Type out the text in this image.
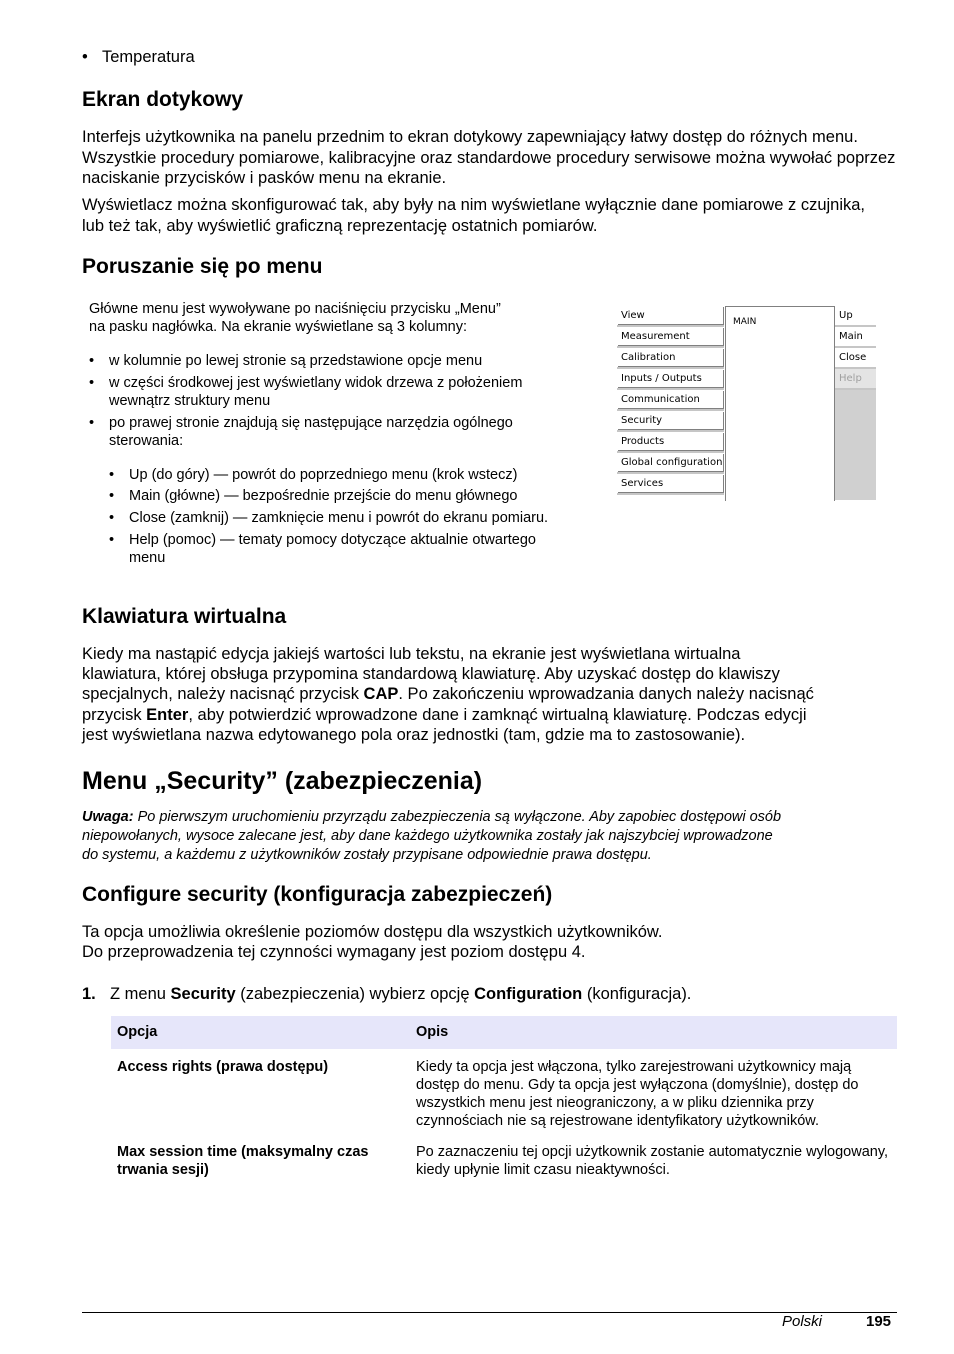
• Temperatura
Ekran dotykowy
Interfejs użytkownika na panelu przednim to ekran dotykowy zapewniający łatwy dostęp do różnych menu. Wszystkie procedury pomiarowe, kalibracyjne oraz standardowe procedury serwisowe można wywołać poprzez naciskanie przycisków i pasków menu na ekranie.
Wyświetlacz można skonfigurować tak, aby były na nim wyświetlane wyłącznie dane pomiarowe z czujnika, lub też tak, aby wyświetlić graficzną reprezentację ostatnich pomiarów.
Poruszanie się po menu
Główne menu jest wywoływane po naciśnięciu przycisku „Menu”
na pasku nagłówka. Na ekranie wyświetlane są 3 kolumny:
• w kolumnie po lewej stronie są przedstawione opcje menu
• w części środkowej jest wyświetlany widok drzewa z położeniem
wewnątrz struktury menu
• po prawej stronie znajdują się następujące narzędzia ogólnego
sterowania:
• Up (do góry) — powrót do poprzedniego menu (krok wstecz)
• Main (główne) — bezpośrednie przejście do menu głównego
• Close (zamknij) — zamknięcie menu i powrót do ekranu pomiaru.
• Help (pomoc) — tematy pomocy dotyczące aktualnie otwartego
menu
View
Measurement
Calibration
Inputs / Outputs
Communication
Security
Products
Global configuration
Services
MAIN
Up
Main
Close
Help
Klawiatura wirtualna
Kiedy ma nastąpić edycja jakiejś wartości lub tekstu, na ekranie jest wyświetlana wirtualna
klawiatura, której obsługa przypomina standardową klawiaturę. Aby uzyskać dostęp do klawiszy
specjalnych, należy nacisnąć przycisk CAP. Po zakończeniu wprowadzania danych należy nacisnąć
przycisk Enter, aby potwierdzić wprowadzone dane i zamknąć wirtualną klawiaturę. Podczas edycji
jest wyświetlana nazwa edytowanego pola oraz jednostki (tam, gdzie ma to zastosowanie).
Menu „Security” (zabezpieczenia)
Uwaga: Po pierwszym uruchomieniu przyrządu zabezpieczenia są wyłączone. Aby zapobiec dostępowi osób
niepowołanych, wysoce zalecane jest, aby dane każdego użytkownika zostały jak najszybciej wprowadzone
do systemu, a każdemu z użytkowników zostały przypisane odpowiednie prawa dostępu.
Configure security (konfiguracja zabezpieczeń)
Ta opcja umożliwia określenie poziomów dostępu dla wszystkich użytkowników.
Do przeprowadzenia tej czynności wymagany jest poziom dostępu 4.
1. Z menu Security (zabezpieczenia) wybierz opcję Configuration (konfiguracja).
Opcja	Opis
Access rights (prawa dostępu)	Kiedy ta opcja jest włączona, tylko zarejestrowani użytkownicy mają dostęp do menu. Gdy ta opcja jest wyłączona (domyślnie), dostęp do wszystkich menu jest nieograniczony, a w pliku dziennika przy czynnościach nie są rejestrowane identyfikatory użytkowników.
Max session time (maksymalny czas trwania sesji)	Po zaznaczeniu tej opcji użytkownik zostanie automatycznie wylogowany, kiedy upłynie limit czasu nieaktywności.
Polski	195
